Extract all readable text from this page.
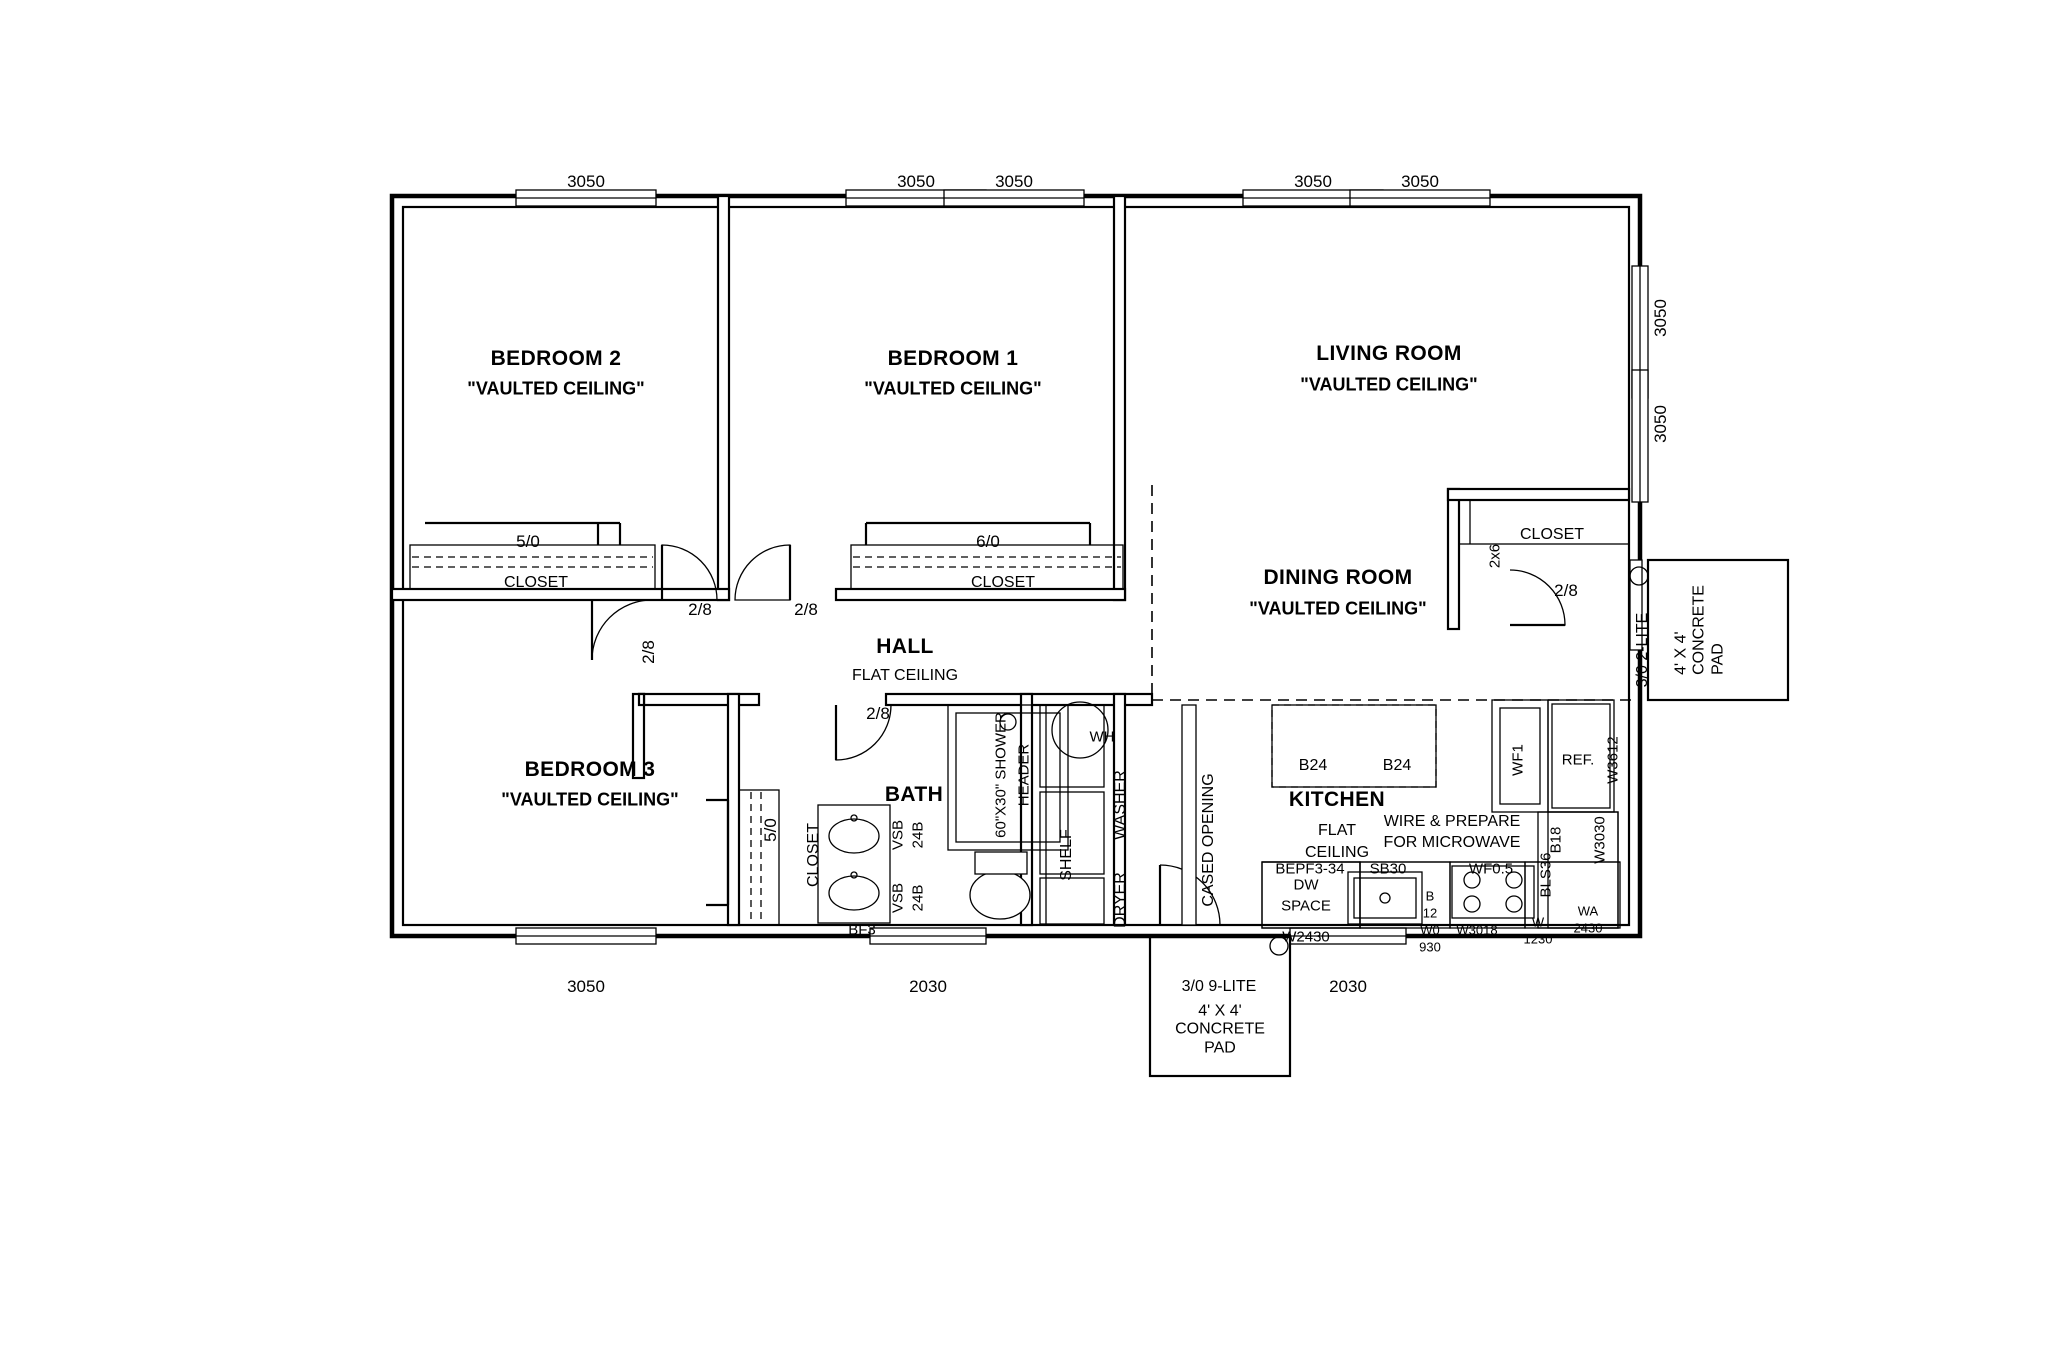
3050	3050	3050	3050	3050
3050
3050
3050	2030	2030
BEDROOM 2
"VAULTED CEILING"
BEDROOM 1
"VAULTED CEILING"
LIVING ROOM
"VAULTED CEILING"
DINING ROOM
"VAULTED CEILING"
BEDROOM 3
"VAULTED CEILING"
HALL
FLAT CEILING
BATH	KITCHEN
FLAT
CEILING
CLOSET	CLOSET
CLOSET
CLOSET
5/0	6/0
5/0
2/8	2/8
2/8
2/8
2/8
3/0 2-LITE
3/0 9-LITE
4' X 4'
CONCRETE
PAD
4' X 4'
CONCRETE
PAD
60"X30" SHOWER HEADER
WH
SHELF
DRYER
WASHER	CASED OPENING
VSB 24B
VSB 24B
BF3
B24	B24	WF1 REF. W3612
2x6
B18 W3030
BEPF3-34 SB30	WF0.5 BLS36
B
12
W0
930
W3018
W
1230
WA
2430
DW
SPACE
W2430
WIRE & PREPARE
FOR MICROWAVE
